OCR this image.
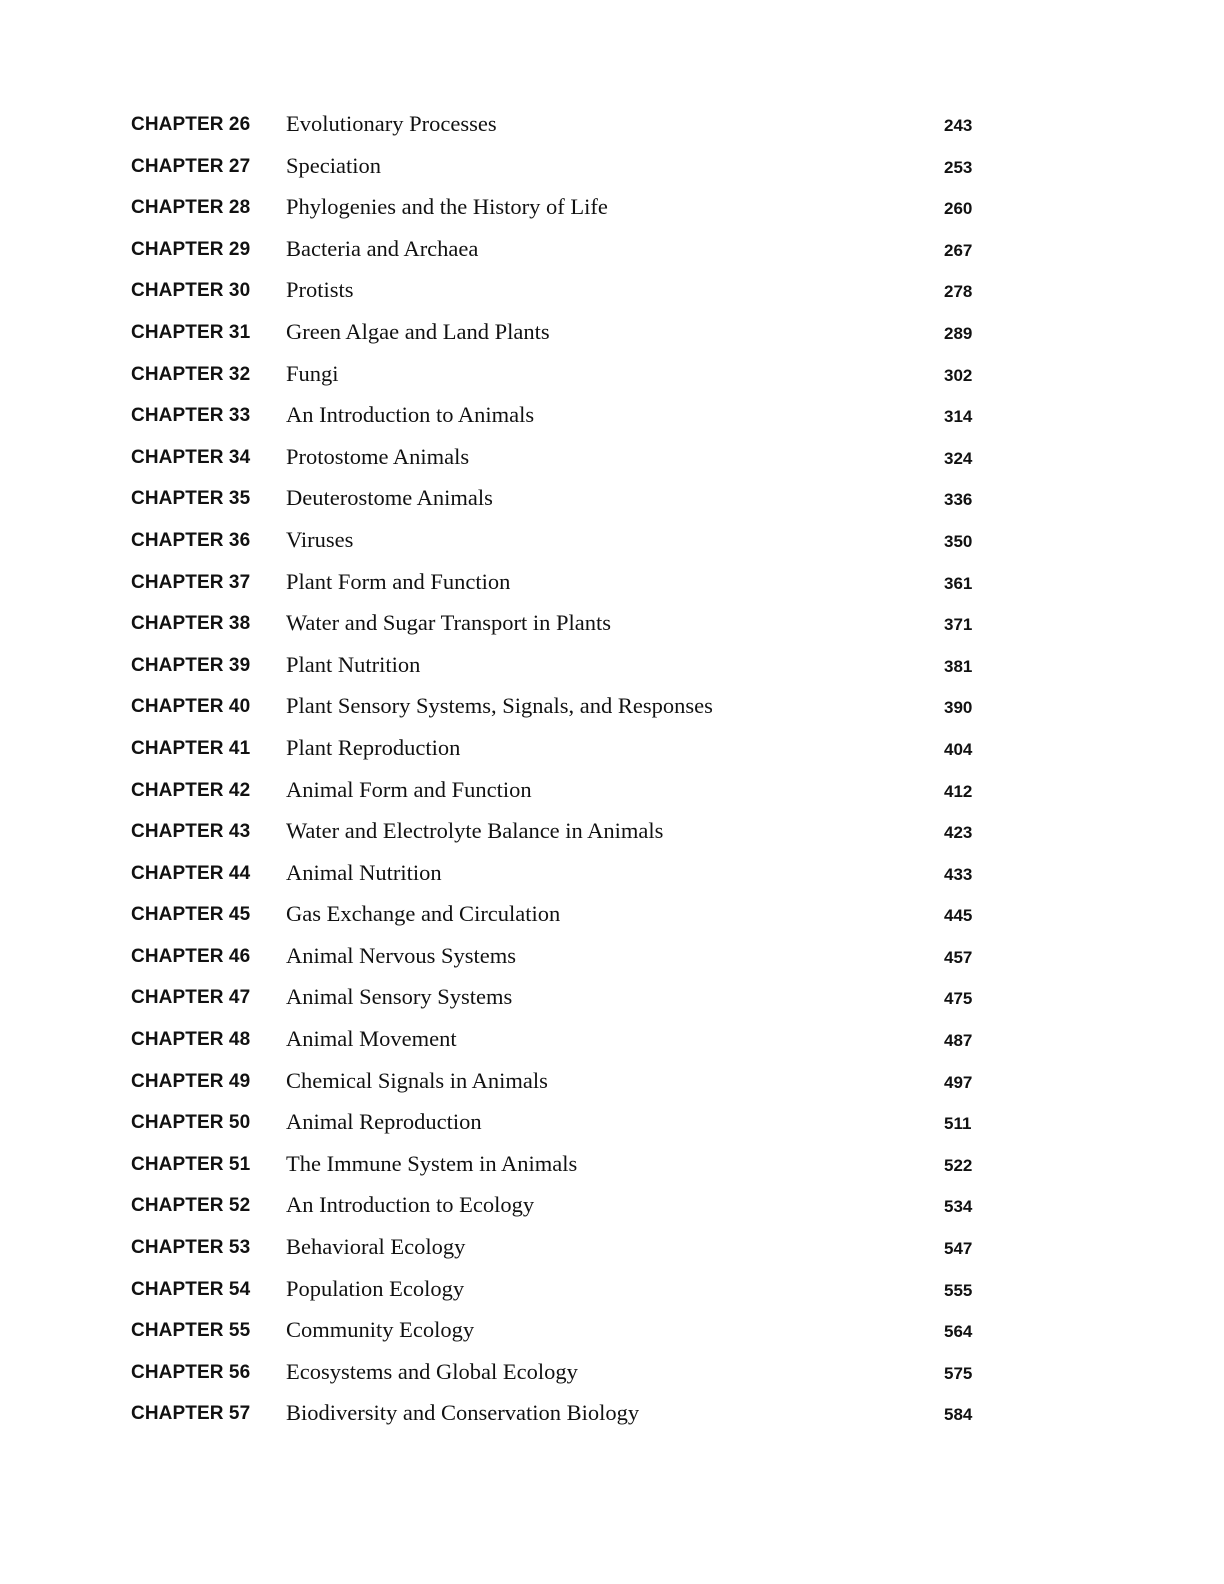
CHAPTER 26 Evolutionary Processes	243
CHAPTER 27 Speciation	253
CHAPTER 28 Phylogenies and the History of Life	260
CHAPTER 29 Bacteria and Archaea	267
CHAPTER 30 Protists	278
CHAPTER 31 Green Algae and Land Plants	289
CHAPTER 32 Fungi	302
CHAPTER 33 An Introduction to Animals	314
CHAPTER 34 Protostome Animals	324
CHAPTER 35 Deuterostome Animals	336
CHAPTER 36 Viruses	350
CHAPTER 37 Plant Form and Function	361
CHAPTER 38 Water and Sugar Transport in Plants	371
CHAPTER 39 Plant Nutrition	381
CHAPTER 40 Plant Sensory Systems, Signals, and Responses	390
CHAPTER 41 Plant Reproduction	404
CHAPTER 42 Animal Form and Function	412
CHAPTER 43 Water and Electrolyte Balance in Animals	423
CHAPTER 44 Animal Nutrition	433
CHAPTER 45 Gas Exchange and Circulation	445
CHAPTER 46 Animal Nervous Systems	457
CHAPTER 47 Animal Sensory Systems	475
CHAPTER 48 Animal Movement	487
CHAPTER 49 Chemical Signals in Animals	497
CHAPTER 50 Animal Reproduction	511
CHAPTER 51 The Immune System in Animals	522
CHAPTER 52 An Introduction to Ecology	534
CHAPTER 53 Behavioral Ecology	547
CHAPTER 54 Population Ecology	555
CHAPTER 55 Community Ecology	564
CHAPTER 56 Ecosystems and Global Ecology	575
CHAPTER 57 Biodiversity and Conservation Biology	584
